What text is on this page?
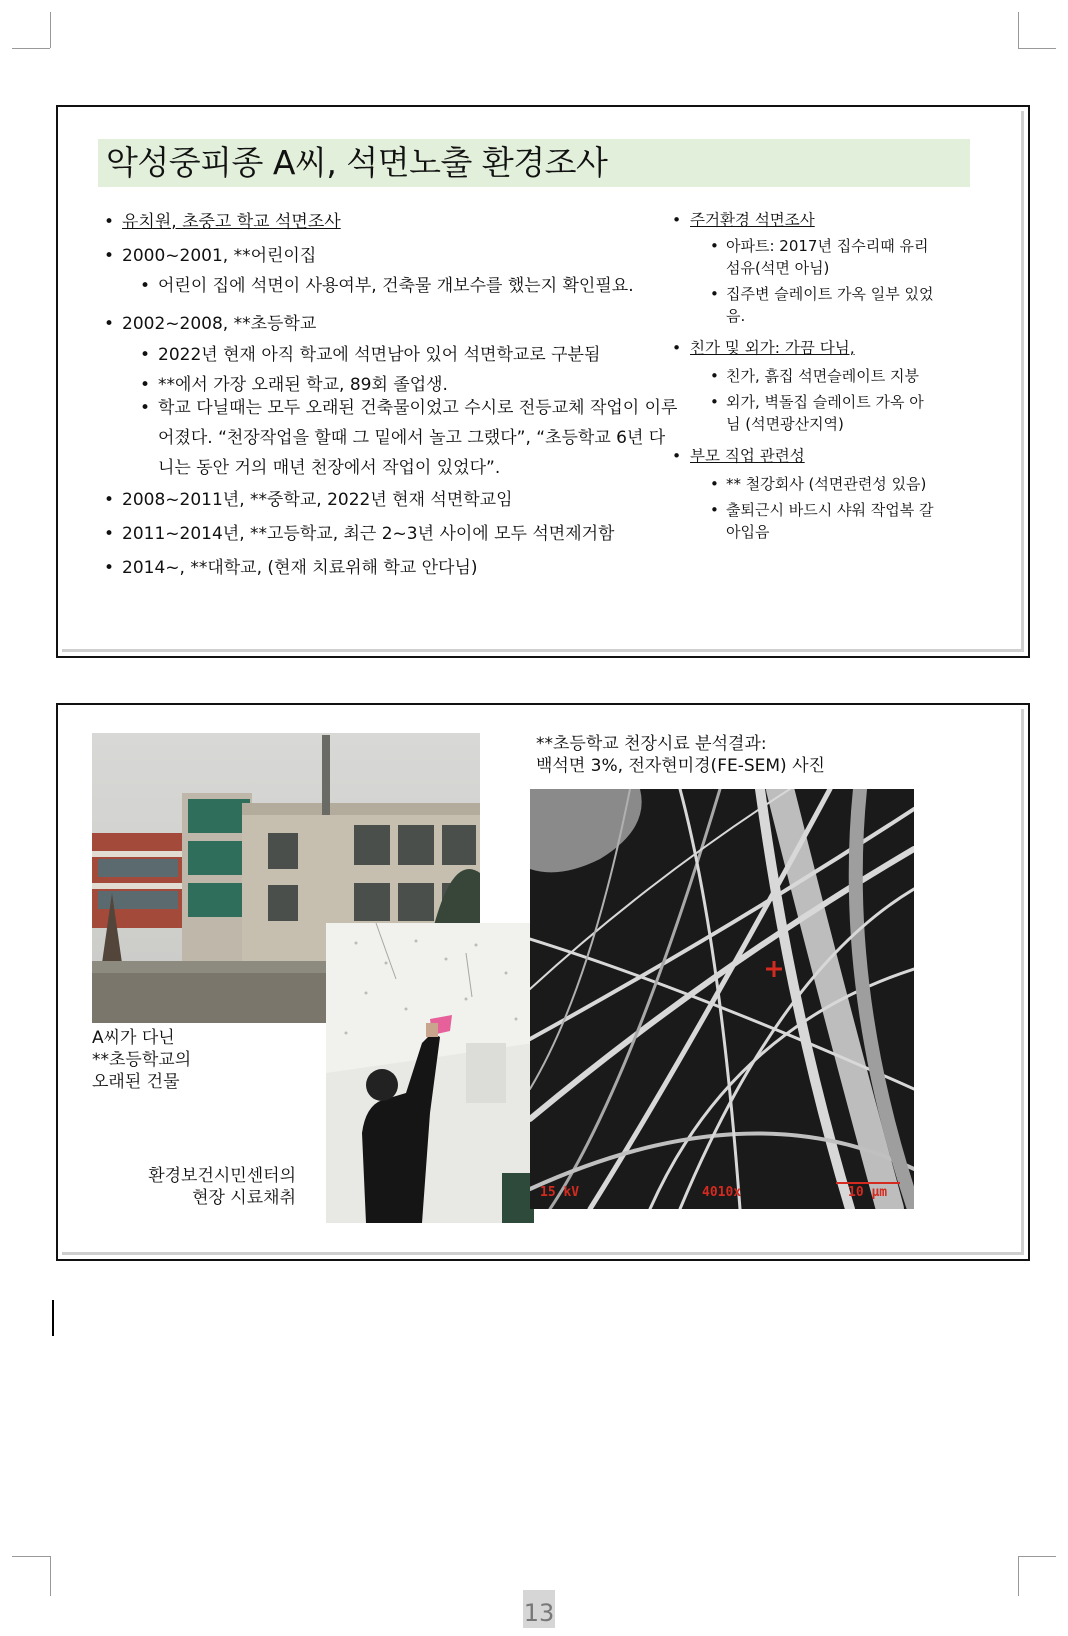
악성중피종 A씨, 석면노출 환경조사
• 유치원, 초중고 학교 석면조사
• 2000~2001, **어린이집
• 어린이 집에 석면이 사용여부, 건축물 개보수를 했는지 확인필요.
• 2002~2008, **초등학교
• 2022년 현재 아직 학교에 석면남아 있어 석면학교로 구분됨
• **에서 가장 오래된 학교, 89회 졸업생.
• 학교 다닐때는 모두 오래된 건축물이었고 수시로 전등교체 작업이 이루어졌다. “천장작업을 할때 그 밑에서 놀고 그랬다”, “초등학교 6년 다니는 동안 거의 매년 천장에서 작업이 있었다”.
• 2008~2011년, **중학교, 2022년 현재 석면학교임
• 2011~2014년, **고등학교, 최근 2~3년 사이에 모두 석면제거함
• 2014~, **대학교, (현재 치료위해 학교 안다님)
• 주거환경 석면조사
• 아파트: 2017년 집수리때 유리섬유(석면 아님)
• 집주변 슬레이트 가옥 일부 있었음.
• 친가 및 외가: 가끔 다님,
• 친가, 흙집 석면슬레이트 지붕
• 외가, 벽돌집 슬레이트 가옥 아님 (석면광산지역)
• 부모 직업 관련성
• ** 철강회사 (석면관련성 있음)
• 출퇴근시 바드시 샤워 작업복 갈아입음
A씨가 다닌
**초등학교의
오래된 건물
환경보건시민센터의
현장 시료채취
**초등학교 천장시료 분석결과:
백석면 3%, 전자현미경(FE-SEM) 사진
15 kV	4010x	10 μm
13
